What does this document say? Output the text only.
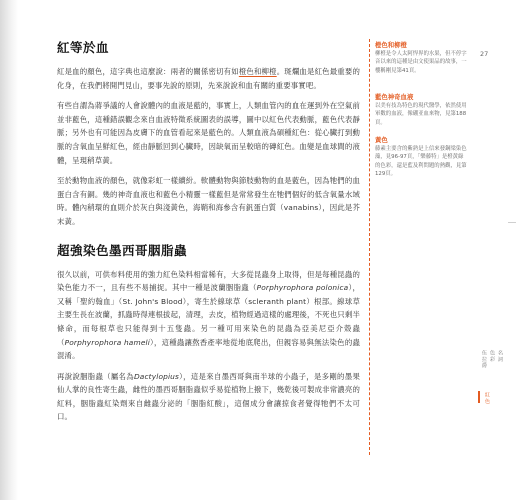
紅等於血

紅是血的顏色，這字典也這麼說：兩者的關係密切有如橙色和柳橙。斑爛血是紅色最重要的化身，在我們將開門見山，要事先說的原則，先來說說和血有關的重要事實吧。

有些自謂為蔣爭議的人會說體內的血液是藍的，事實上，人類血管內的血在運到外在空氣前並非藍色，這種錯誤觀念來自血液特徵系統圖表的誤導，圖中以紅色代表動脈，藍色代表靜脈；另外也有可能因為皮膚下的血管看起來是藍色的。人類血液為碩種紅色：從心臟打到動脈的含氧血呈鮮紅色，經由靜脈回到心臟時，因缺氧而呈較暗的磚紅色。血變是血球間的液體，呈現稍草黃。

至於動物血液的顏色，就像彩虹一樣續紛。軟體動物與節肢動物的血是藍色，因為牠們的血蛋白含有銅。幾的神奇血液也和藍色小精靈一樣藍但是常常發生在牠們個好的低含氧量水域時。體內稍環的血則介於灰白與淺黃色，海鞘和海參含有釩蛋白質（vanabins），因此是芥末黃。

超強染色墨西哥胭脂蟲

很久以前，可供布料使用的強力紅色染料相當稀有，大多從昆蟲身上取得，但是每種昆蟲的染色能力不一，且有些不易捕捉。其中一種是波蘭胭脂蟲（Porphyrophora polonica），又稱「聖約翰血」（St. John's Blood），寄生於線球草（scleranth plant）根部。線球草主要生長在波蘭，抓蟲時得連根拔起，清理，去皮，植物經過這樣的處理後，不死也只剩半條命，而每根草也只能得到十五隻蟲。另一種可用來染色的昆蟲為亞美尼亞介殼蟲（Porphyrophora hameli），這種蟲讓熬香產率地從地底爬出，但親容易與無法染色的蟲混淆。

再說說胭脂蟲（屬名為Dactylopius），這是來自墨西哥與南半球的小蟲子，是多剛的墨果仙人掌的良性寄生蟲，雌性的墨西哥胭脂蟲似乎易從植物上撥下，幾乾後可製成非常濃亮的紅料，胭脂蟲紅染劑來自雌蟲分泌的「胭脂紅酸」，這個成分會讓掠食者覺得牠們不太可口。

橙色和柳橙

柳橙是令人太阿悍界的水果，但不停字音以來的這種是由文使果品的故事，一樓稱剛見第41頁。

藍色神奇血液

以美有技為特色的現代醫學，依然使用軍數的血液，像硼亚血來物，見第188頁。

黃色

藤素主要含的紫熟是上信來發鋼梁染色藻，見96-97頁，「樂藤特」是橙黃綠的色彩，還是藍及利問題的熱觀，見第129頁。

27
伍拉爵 色彩 名詞
紅色
